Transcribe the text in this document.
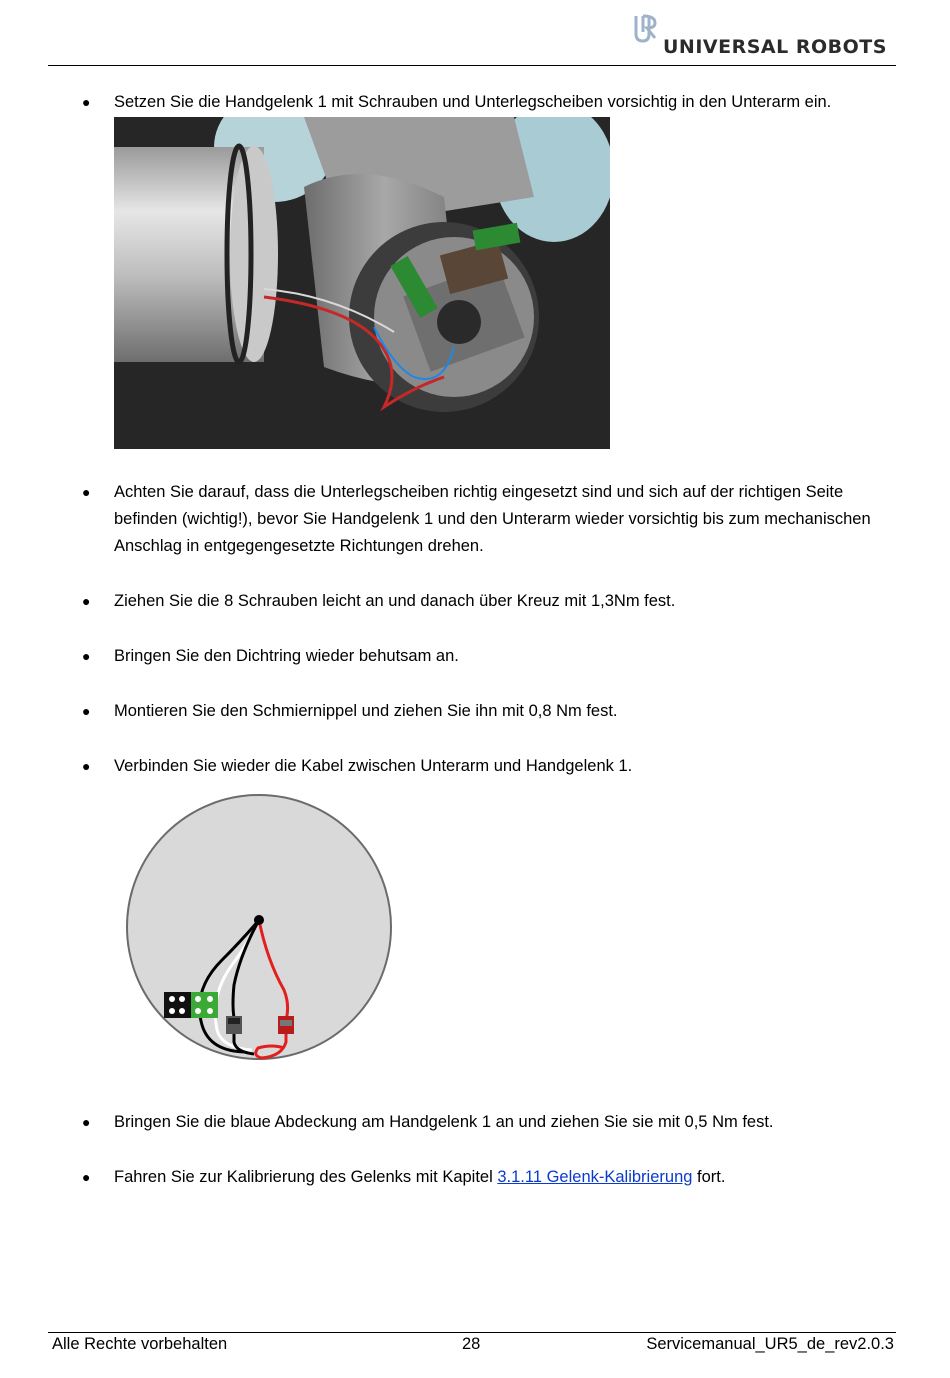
UNIVERSAL ROBOTS
● Setzen Sie die Handgelenk 1 mit Schrauben und Unterlegscheiben vorsichtig in den Unterarm ein.
● Achten Sie darauf, dass die Unterlegscheiben richtig eingesetzt sind und sich auf der richtigen Seite befinden (wichtig!), bevor Sie Handgelenk 1 und den Unterarm wieder vorsichtig bis zum mechanischen Anschlag in entgegengesetzte Richtungen drehen.
● Ziehen Sie die 8 Schrauben leicht an und danach über Kreuz mit 1,3Nm fest.
● Bringen Sie den Dichtring wieder behutsam an.
● Montieren Sie den Schmiernippel und ziehen Sie ihn mit 0,8 Nm fest.
● Verbinden Sie wieder die Kabel zwischen Unterarm und Handgelenk 1.
● Bringen Sie die blaue Abdeckung am Handgelenk 1 an und ziehen Sie sie mit 0,5 Nm fest.
● Fahren Sie zur Kalibrierung des Gelenks mit Kapitel 3.1.11 Gelenk-Kalibrierung fort.
Alle Rechte vorbehalten	28	Servicemanual_UR5_de_rev2.0.3
